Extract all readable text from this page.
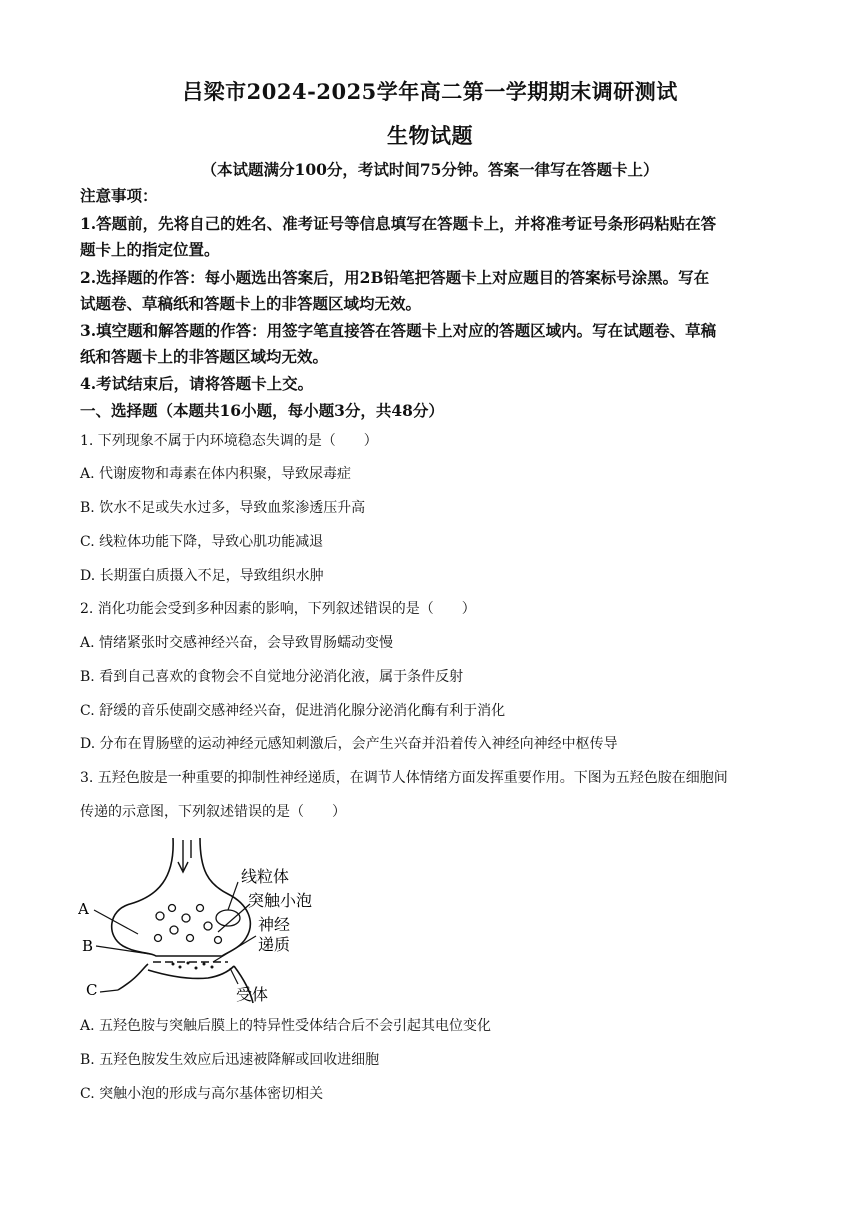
吕梁市2024-2025学年高二第一学期期末调研测试
生物试题
（本试题满分100分，考试时间75分钟。答案一律写在答题卡上）
注意事项：
1.答题前，先将自己的姓名、准考证号等信息填写在答题卡上，并将准考证号条形码粘贴在答
题卡上的指定位置。
2.选择题的作答：每小题选出答案后，用2B铅笔把答题卡上对应题目的答案标号涂黑。写在
试题卷、草稿纸和答题卡上的非答题区域均无效。
3.填空题和解答题的作答：用签字笔直接答在答题卡上对应的答题区域内。写在试题卷、草稿
纸和答题卡上的非答题区域均无效。
4.考试结束后，请将答题卡上交。
一、选择题（本题共16小题，每小题3分，共48分）
1. 下列现象不属于内环境稳态失调的是（　　）
A. 代谢废物和毒素在体内积聚，导致尿毒症
B. 饮水不足或失水过多，导致血浆渗透压升高
C. 线粒体功能下降，导致心肌功能减退
D. 长期蛋白质摄入不足，导致组织水肿
2. 消化功能会受到多种因素的影响，下列叙述错误的是（　　）
A. 情绪紧张时交感神经兴奋，会导致胃肠蠕动变慢
B. 看到自己喜欢的食物会不自觉地分泌消化液，属于条件反射
C. 舒缓的音乐使副交感神经兴奋，促进消化腺分泌消化酶有利于消化
D. 分布在胃肠壁的运动神经元感知刺激后，会产生兴奋并沿着传入神经向神经中枢传导
3. 五羟色胺是一种重要的抑制性神经递质，在调节人体情绪方面发挥重要作用。下图为五羟色胺在细胞间
传递的示意图，下列叙述错误的是（　　）
A
B
C
线粒体
突触小泡
神经
递质
受体
A. 五羟色胺与突触后膜上的特异性受体结合后不会引起其电位变化
B. 五羟色胺发生效应后迅速被降解或回收进细胞
C. 突触小泡的形成与高尔基体密切相关
